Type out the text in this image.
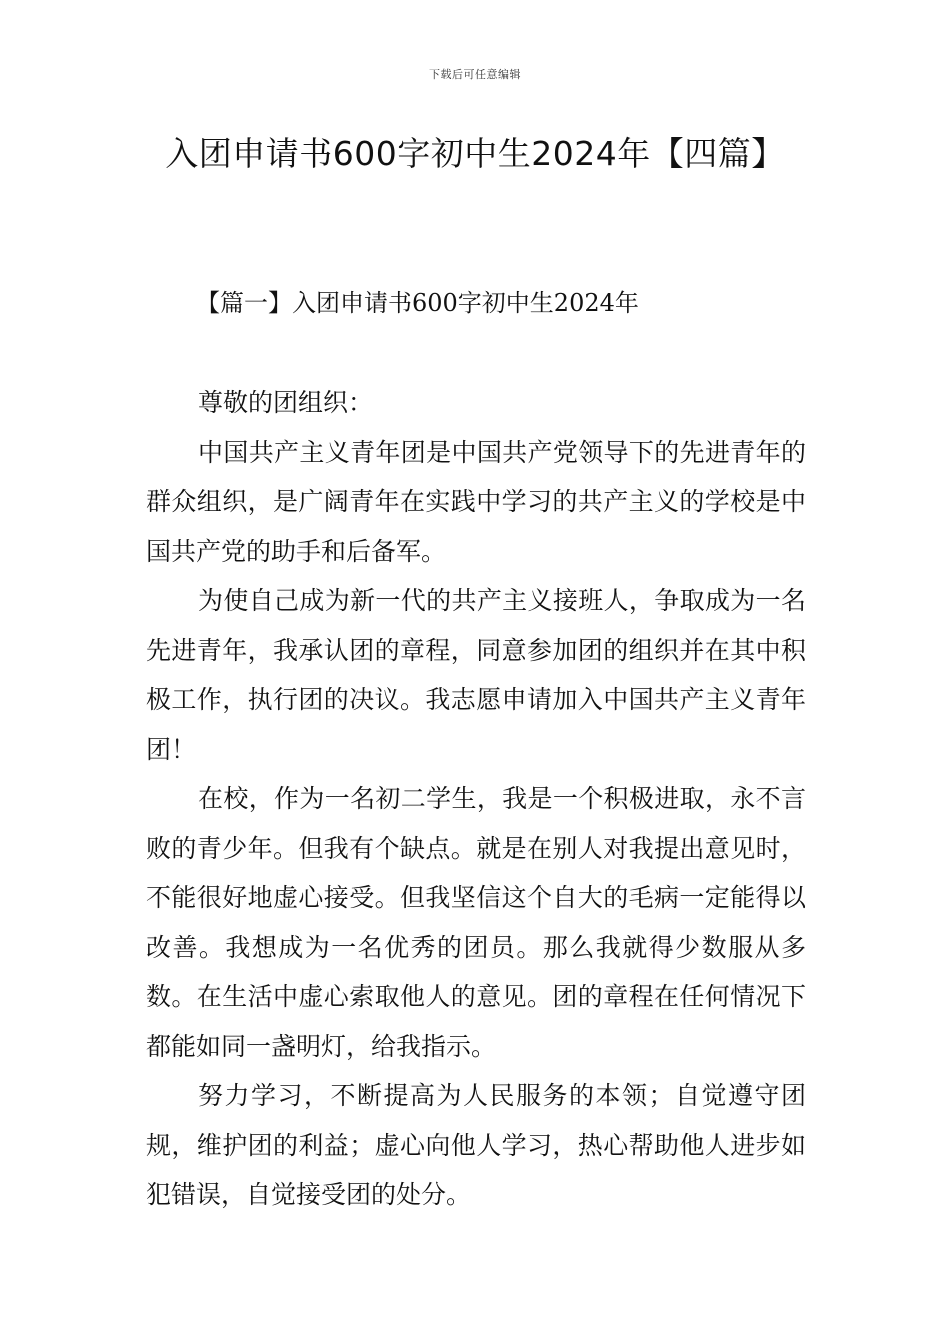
下载后可任意编辑
入团申请书600字初中生2024年【四篇】
【篇一】入团申请书600字初中生2024年

尊敬的团组织：

中国共产主义青年团是中国共产党领导下的先进青年的群众组织，是广阔青年在实践中学习的共产主义的学校是中国共产党的助手和后备军。

为使自己成为新一代的共产主义接班人，争取成为一名先进青年，我承认团的章程，同意参加团的组织并在其中积极工作，执行团的决议。我志愿申请加入中国共产主义青年团！

在校，作为一名初二学生，我是一个积极进取，永不言败的青少年。但我有个缺点。就是在别人对我提出意见时，不能很好地虚心接受。但我坚信这个自大的毛病一定能得以改善。我想成为一名优秀的团员。那么我就得少数服从多数。在生活中虚心索取他人的意见。团的章程在任何情况下都能如同一盏明灯，给我指示。

努力学习，不断提高为人民服务的本领；自觉遵守团规，维护团的利益；虚心向他人学习，热心帮助他人进步如犯错误，自觉接受团的处分。
